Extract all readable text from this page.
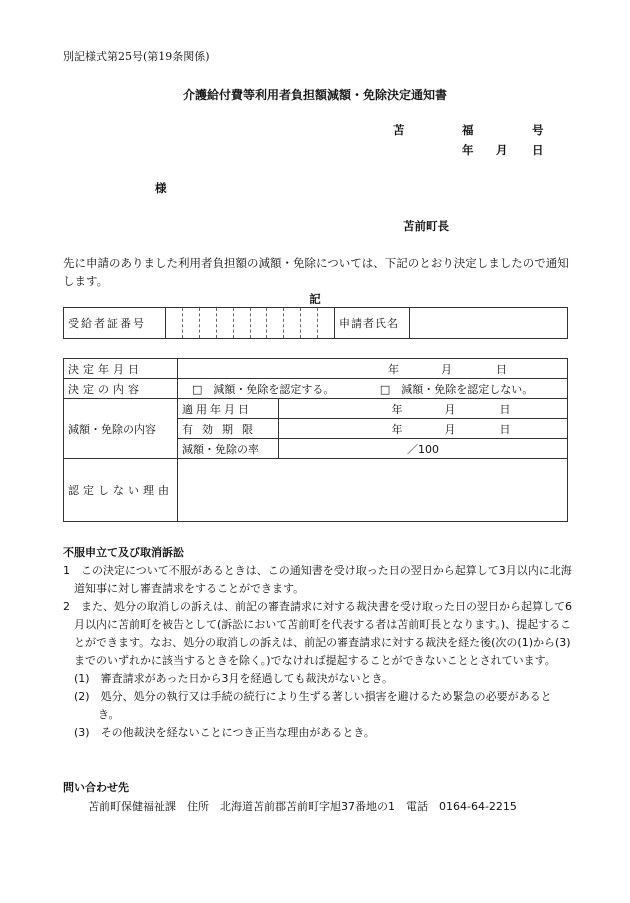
別記様式第25号(第19条関係)
介護給付費等利用者負担額減額・免除決定通知書
苫	福	号
年 月 日
様
苫前町長
先に申請のありました利用者負担額の減額・免除については、下記のとおり決定しましたので通知します。
記
受給者証番号		申請者氏名	
決定年月日	年 月 日	

決定の内容	□　減額・免除を認定する。 □　減額・免除を認定しない。	
減額・免除の内容	適用年月日	年 月 日

	有効期限	年 月 日

	減額・免除の率	／100
認定しない理由		
不服申立て及び取消訴訟

1　この決定について不服があるときは、この通知書を受け取った日の翌日から起算して3月以内に北海道知事に対し審査請求をすることができます。

2　また、処分の取消しの訴えは、前記の審査請求に対する裁決書を受け取った日の翌日から起算して6月以内に苫前町を被告として(訴訟において苫前町を代表する者は苫前町長となります。)、提起することができます。なお、処分の取消しの訴えは、前記の審査請求に対する裁決を経た後(次の(1)から(3)までのいずれかに該当するときを除く。)でなければ提起することができないこととされています。

(1)　審査請求があった日から3月を経過しても裁決がないとき。

(2)　処分、処分の執行又は手続の続行により生ずる著しい損害を避けるため緊急の必要があるとき。

(3)　その他裁決を経ないことにつき正当な理由があるとき。

問い合わせ先
苫前町保健福祉課　住所　北海道苫前郡苫前町字旭37番地の1　電話　0164-64-2215
